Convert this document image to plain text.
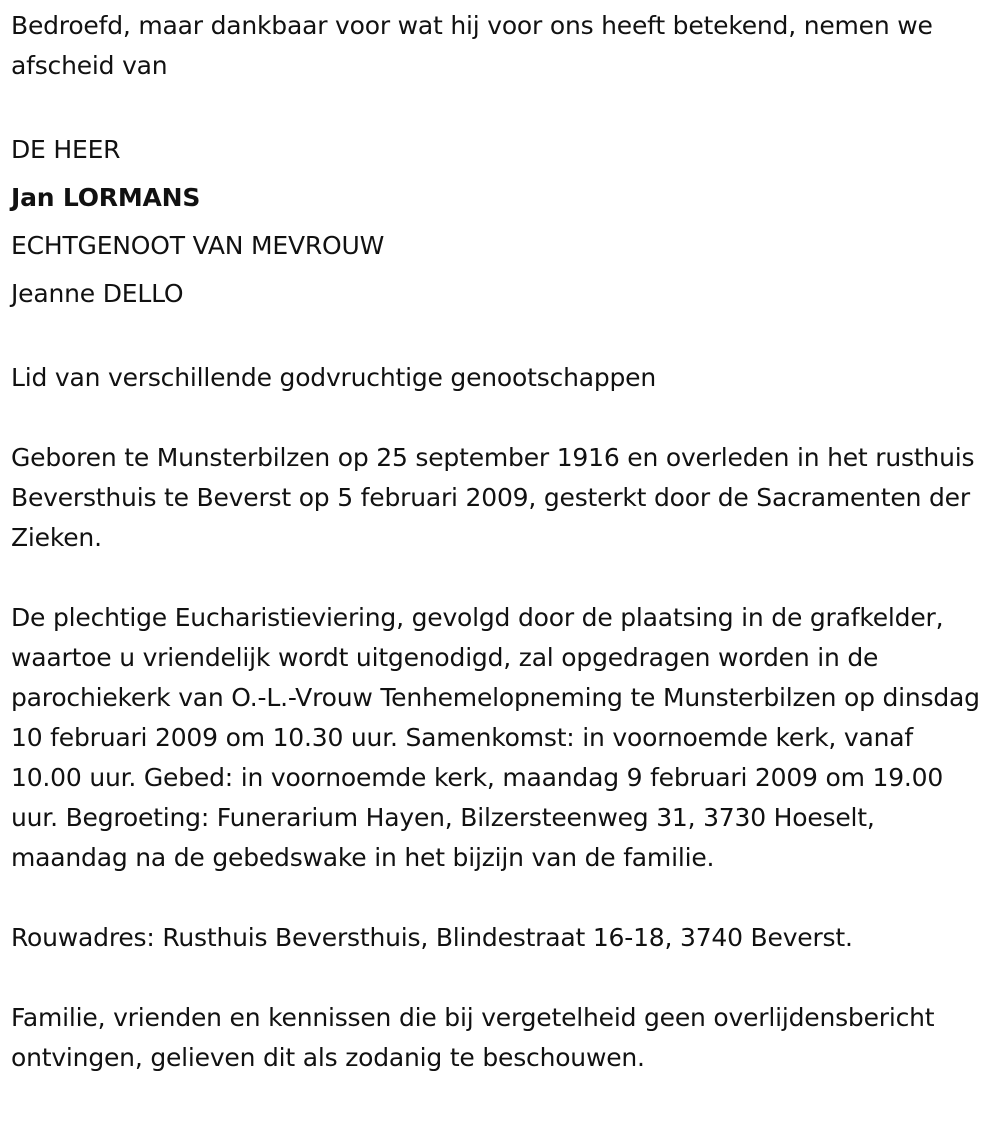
Bedroefd, maar dankbaar voor wat hij voor ons heeft betekend, nemen we afscheid van

DE HEER

Jan LORMANS

ECHTGENOOT VAN MEVROUW

Jeanne DELLO

Lid van verschillende godvruchtige genootschappen

Geboren te Munsterbilzen op 25 september 1916 en overleden in het rusthuis Beversthuis te Beverst op 5 februari 2009, gesterkt door de Sacramenten der Zieken.

De plechtige Eucharistieviering, gevolgd door de plaatsing in de grafkelder, waartoe u vriendelijk wordt uitgenodigd, zal opgedragen worden in de parochiekerk van O.-L.-Vrouw Tenhemelopneming te Munsterbilzen op dinsdag 10 februari 2009 om 10.30 uur. Samenkomst: in voornoemde kerk, vanaf 10.00 uur. Gebed: in voornoemde kerk, maandag 9 februari 2009 om 19.00 uur. Begroeting: Funerarium Hayen, Bilzersteenweg 31, 3730 Hoeselt, maandag na de gebedswake in het bijzijn van de familie.

Rouwadres: Rusthuis Beversthuis, Blindestraat 16-18, 3740 Beverst.

Familie, vrienden en kennissen die bij vergetelheid geen overlijdensbericht ontvingen, gelieven dit als zodanig te beschouwen.
